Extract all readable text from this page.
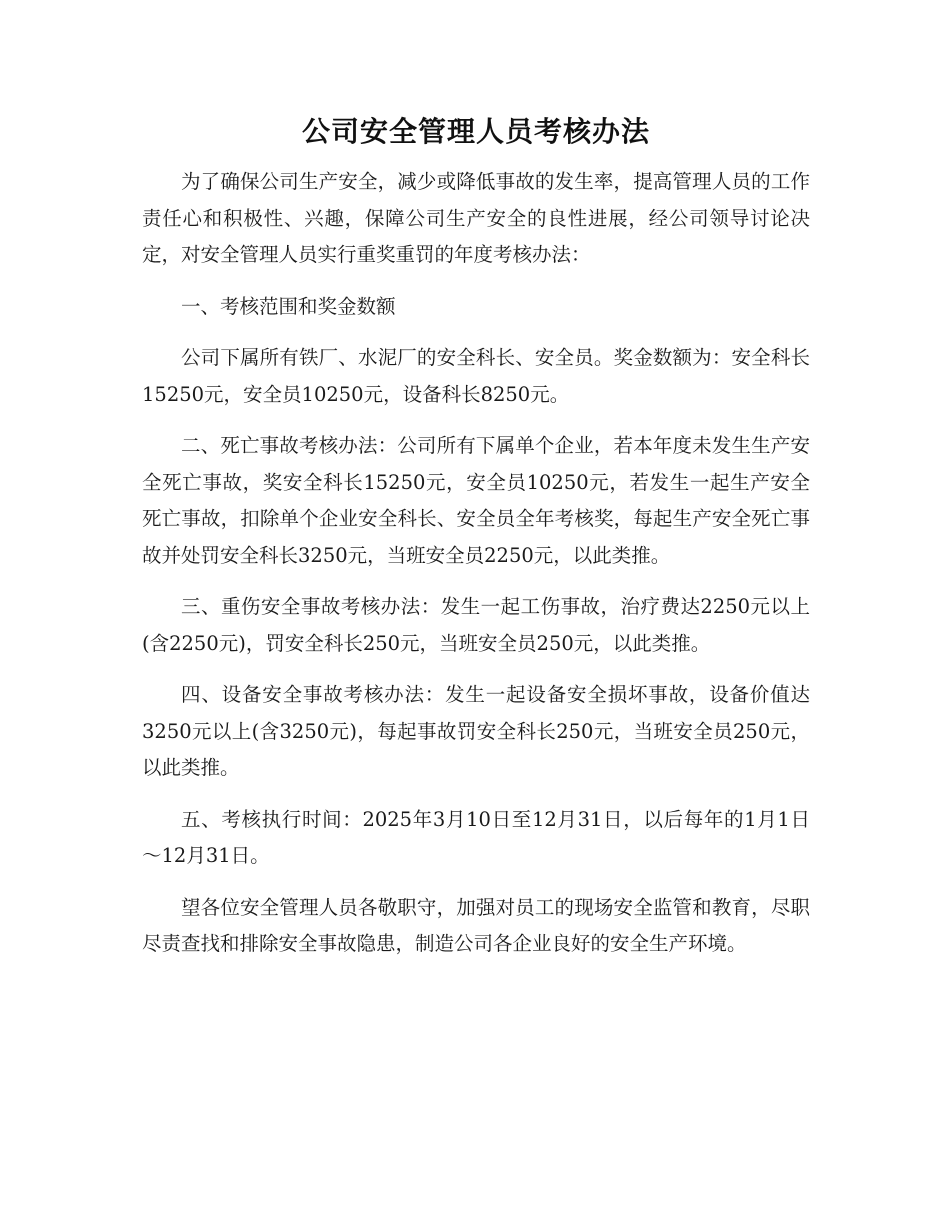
公司安全管理人员考核办法

为了确保公司生产安全，减少或降低事故的发生率，提高管理人员的工作责任心和积极性、兴趣，保障公司生产安全的良性进展，经公司领导讨论决定，对安全管理人员实行重奖重罚的年度考核办法：

一、考核范围和奖金数额

公司下属所有铁厂、水泥厂的安全科长、安全员。奖金数额为：安全科长15250元，安全员10250元，设备科长8250元。

二、死亡事故考核办法：公司所有下属单个企业，若本年度未发生生产安全死亡事故，奖安全科长15250元，安全员10250元，若发生一起生产安全死亡事故，扣除单个企业安全科长、安全员全年考核奖，每起生产安全死亡事故并处罚安全科长3250元，当班安全员2250元，以此类推。

三、重伤安全事故考核办法：发生一起工伤事故，治疗费达2250元以上(含2250元)，罚安全科长250元，当班安全员250元，以此类推。

四、设备安全事故考核办法：发生一起设备安全损坏事故，设备价值达3250元以上(含3250元)，每起事故罚安全科长250元，当班安全员250元，以此类推。

五、考核执行时间：2025年3月10日至12月31日，以后每年的1月1日～12月31日。

望各位安全管理人员各敬职守，加强对员工的现场安全监管和教育，尽职尽责查找和排除安全事故隐患，制造公司各企业良好的安全生产环境。
